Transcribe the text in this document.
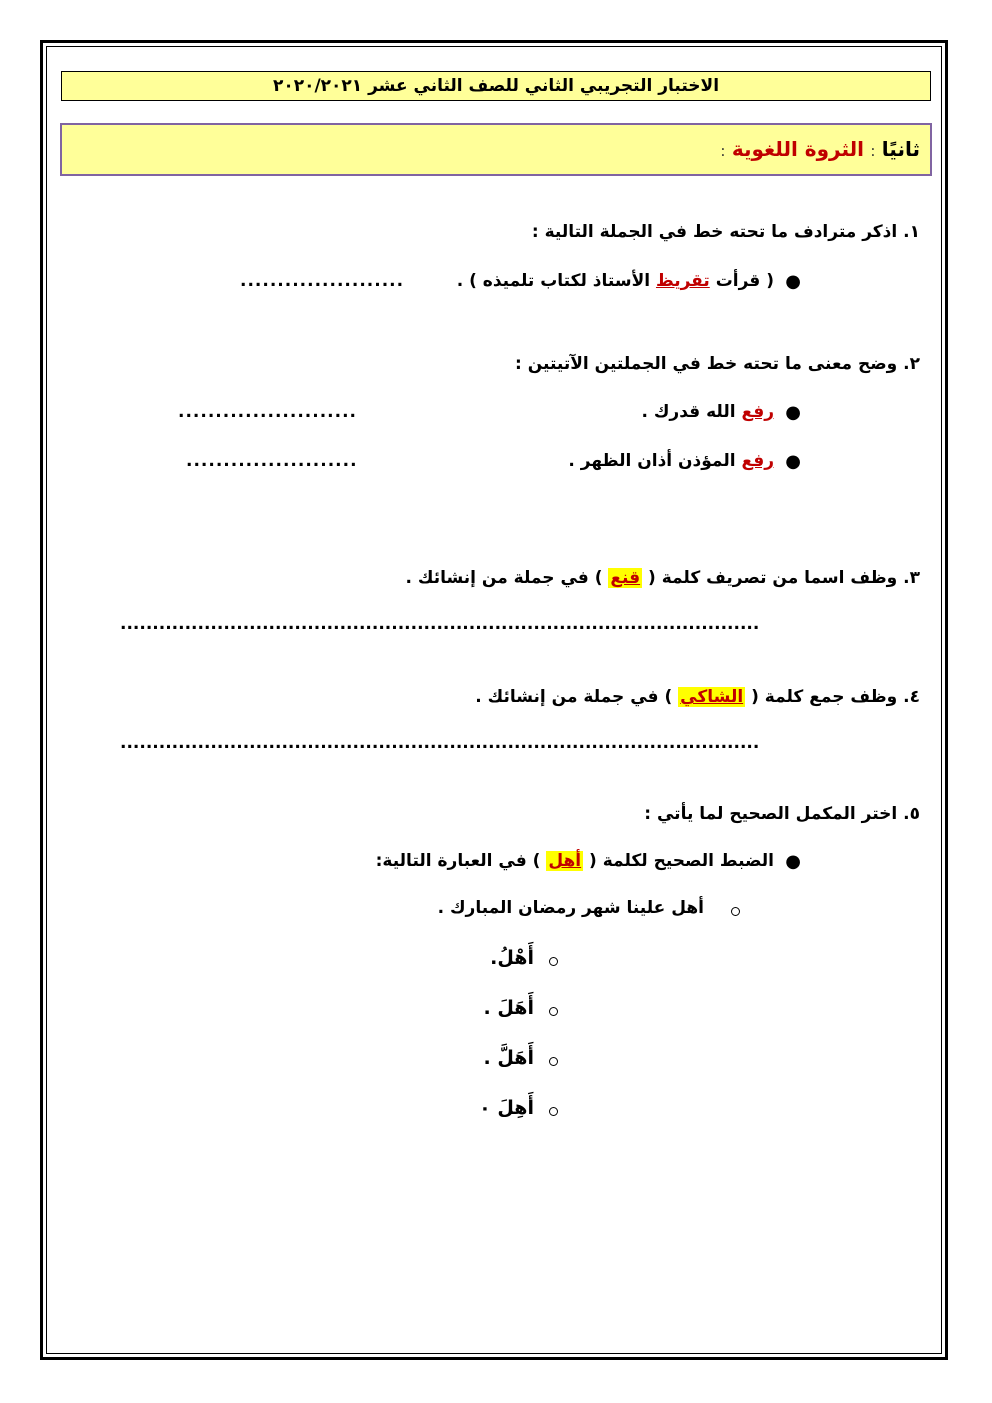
الاختبار التجريبي الثاني للصف الثاني عشر ٢٠٢٠/٢٠٢١
ثانيًا : الثروة اللغوية :
١. اذكر مترادف ما تحته خط في الجملة التالية :
●
( قرأت تقريظ الأستاذ لكتاب تلميذه ) .
......................
٢. وضح معنى ما تحته خط في الجملتين الآتيتين :
●
رفع الله قدرك .
........................
●
رفع المؤذن أذان الظهر .
.......................
٣. وظف اسما من تصريف كلمة ( قنع ) في جملة من إنشائك .
...................................................................................................
٤. وظف جمع كلمة ( الشاكي ) في جملة من إنشائك .
...................................................................................................
٥. اختر المكمل الصحيح لما يأتي :
●
الضبط الصحيح لكلمة ( أهل ) في العبارة التالية:
أهل علينا شهر رمضان المبارك .
أَهْلُ.
أَهَلَ .
أَهَلَّ .
أَهِلَ ٠
